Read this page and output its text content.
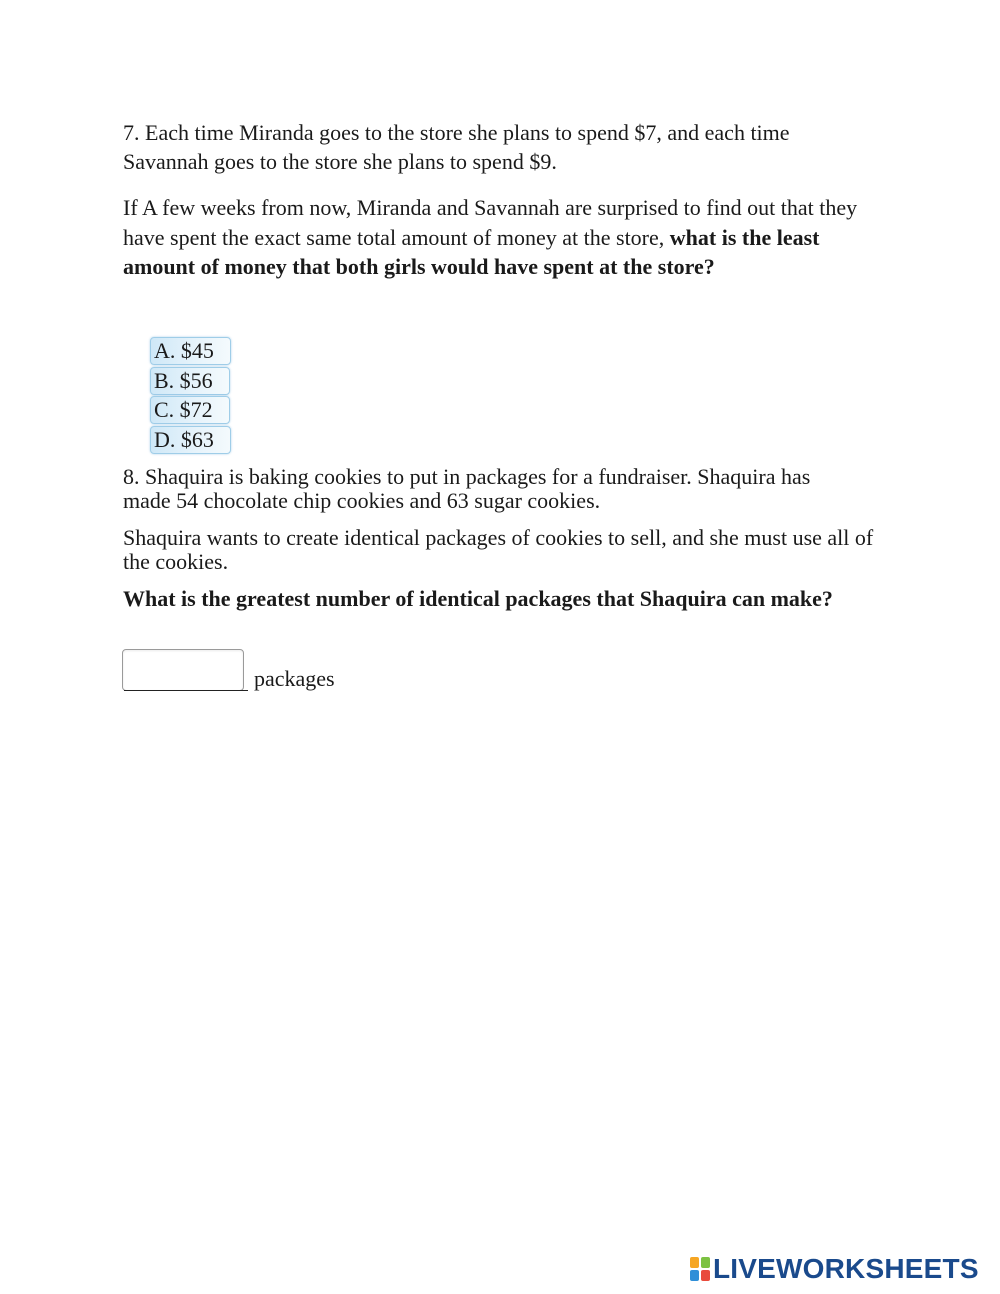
7. Each time Miranda goes to the store she plans to spend $7, and each time
Savannah goes to the store she plans to spend $9.
If A few weeks from now, Miranda and Savannah are surprised to find out that they have spent the exact same total amount of money at the store, what is the least amount of money that both girls would have spent at the store?
A. $45
B. $56
C. $72
D. $63
8. Shaquira is baking cookies to put in packages for a fundraiser. Shaquira has
made 54 chocolate chip cookies and 63 sugar cookies.
Shaquira wants to create identical packages of cookies to sell, and she must use all of the cookies.
What is the greatest number of identical packages that Shaquira can make?
packages
LIVEWORKSHEETS
